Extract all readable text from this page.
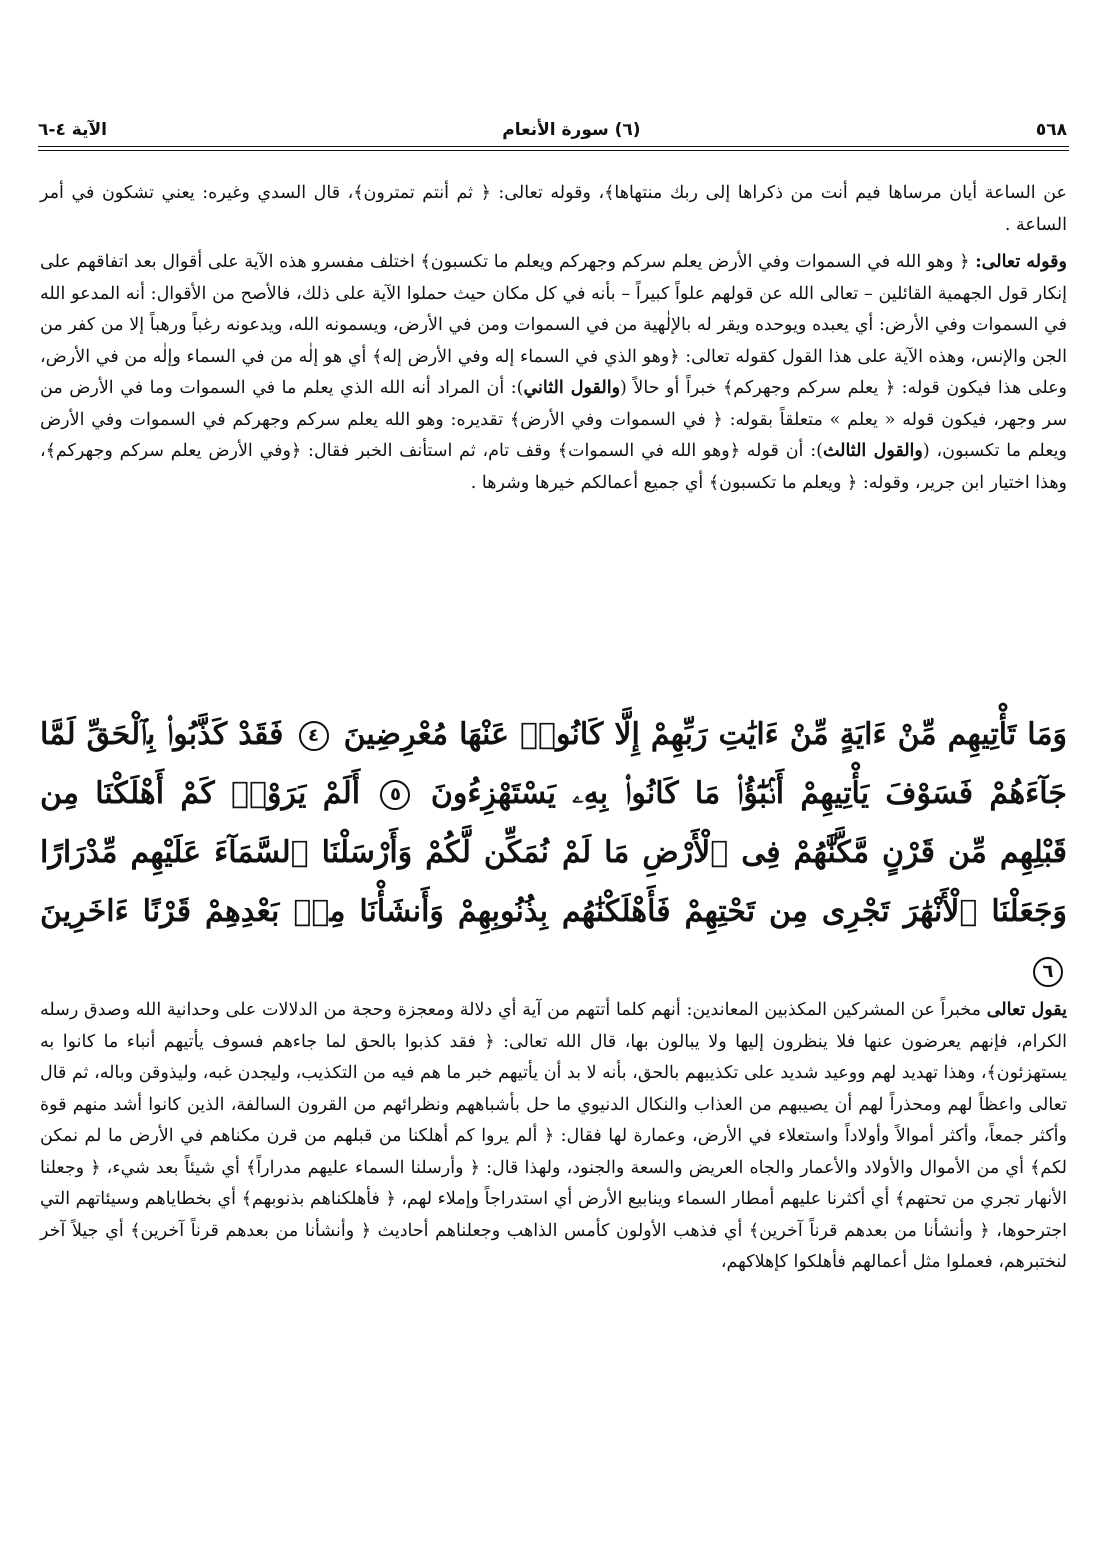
٥٦٨
(٦) سورة الأنعام
الآية ٤-٦

عن الساعة أيان مرساها فيم أنت من ذكراها إلى ربك منتهاها﴾، وقوله تعالى: ﴿ ثم أنتم تمترون﴾، قال السدي وغيره: يعني تشكون في أمر الساعة .

وقوله تعالى: ﴿ وهو الله في السموات وفي الأرض يعلم سركم وجهركم ويعلم ما تكسبون﴾ اختلف مفسرو هذه الآية على أقوال بعد اتفاقهم على إنكار قول الجهمية القائلين – تعالى الله عن قولهم علواً كبيراً – بأنه في كل مكان حيث حملوا الآية على ذلك، فالأصح من الأقوال: أنه المدعو الله في السموات وفي الأرض: أي يعبده ويوحده ويقر له بالإلٰهية من في السموات ومن في الأرض، ويسمونه الله، ويدعونه رغباً ورهباً إلا من كفر من الجن والإنس، وهذه الآية على هذا القول كقوله تعالى: ﴿وهو الذي في السماء إله وفي الأرض إله﴾ أي هو إلٰه من في السماء وإلٰه من في الأرض، وعلى هذا فيكون قوله: ﴿ يعلم سركم وجهركم﴾ خبراً أو حالاً (والقول الثاني): أن المراد أنه الله الذي يعلم ما في السموات وما في الأرض من سر وجهر، فيكون قوله « يعلم » متعلقاً بقوله: ﴿ في السموات وفي الأرض﴾ تقديره: وهو الله يعلم سركم وجهركم في السموات وفي الأرض ويعلم ما تكسبون، (والقول الثالث): أن قوله ﴿وهو الله في السموات﴾ وقف تام، ثم استأنف الخبر فقال: ﴿وفي الأرض يعلم سركم وجهركم﴾، وهذا اختيار ابن جرير، وقوله: ﴿ ويعلم ما تكسبون﴾ أي جميع أعمالكم خيرها وشرها .

وَمَا تَأْتِيهِم مِّنْ ءَايَةٍ مِّنْ ءَايَٰتِ رَبِّهِمْ إِلَّا كَانُوا۟ عَنْهَا مُعْرِضِينَ ٤ فَقَدْ كَذَّبُوا۟ بِٱلْحَقِّ لَمَّا جَآءَهُمْ فَسَوْفَ يَأْتِيهِمْ أَنۢبَٰٓؤُا۟ مَا كَانُوا۟ بِهِۦ يَسْتَهْزِءُونَ ٥ أَلَمْ يَرَوْا۟ كَمْ أَهْلَكْنَا مِن قَبْلِهِم مِّن قَرْنٍ مَّكَّنَّٰهُمْ فِى ٱلْأَرْضِ مَا لَمْ نُمَكِّن لَّكُمْ وَأَرْسَلْنَا ٱلسَّمَآءَ عَلَيْهِم مِّدْرَارًا وَجَعَلْنَا ٱلْأَنْهَٰرَ تَجْرِى مِن تَحْتِهِمْ فَأَهْلَكْنَٰهُم بِذُنُوبِهِمْ وَأَنشَأْنَا مِنۢ بَعْدِهِمْ قَرْنًا ءَاخَرِينَ ٦

يقول تعالى مخبراً عن المشركين المكذبين المعاندين: أنهم كلما أتتهم من آية أي دلالة ومعجزة وحجة من الدلالات على وحدانية الله وصدق رسله الكرام، فإنهم يعرضون عنها فلا ينظرون إليها ولا يبالون بها، قال الله تعالى: ﴿ فقد كذبوا بالحق لما جاءهم فسوف يأتيهم أنباء ما كانوا به يستهزئون﴾، وهذا تهديد لهم ووعيد شديد على تكذيبهم بالحق، بأنه لا بد أن يأتيهم خبر ما هم فيه من التكذيب، وليجدن غبه، وليذوقن وباله، ثم قال تعالى واعظاً لهم ومحذراً لهم أن يصيبهم من العذاب والنكال الدنيوي ما حل بأشباههم ونظرائهم من القرون السالفة، الذين كانوا أشد منهم قوة وأكثر جمعاً، وأكثر أموالاً وأولاداً واستعلاء في الأرض، وعمارة لها فقال: ﴿ ألم يروا كم أهلكنا من قبلهم من قرن مكناهم في الأرض ما لم نمكن لكم﴾ أي من الأموال والأولاد والأعمار والجاه العريض والسعة والجنود، ولهذا قال: ﴿ وأرسلنا السماء عليهم مدراراً﴾ أي شيئاً بعد شيء، ﴿ وجعلنا الأنهار تجري من تحتهم﴾ أي أكثرنا عليهم أمطار السماء وينابيع الأرض أي استدراجاً وإملاء لهم، ﴿ فأهلكناهم بذنوبهم﴾ أي بخطاياهم وسيئاتهم التي اجترحوها، ﴿ وأنشأنا من بعدهم قرناً آخرين﴾ أي فذهب الأولون كأمس الذاهب وجعلناهم أحاديث ﴿ وأنشأنا من بعدهم قرناً آخرين﴾ أي جيلاً آخر لنختبرهم، فعملوا مثل أعمالهم فأهلكوا كإهلاكهم،
